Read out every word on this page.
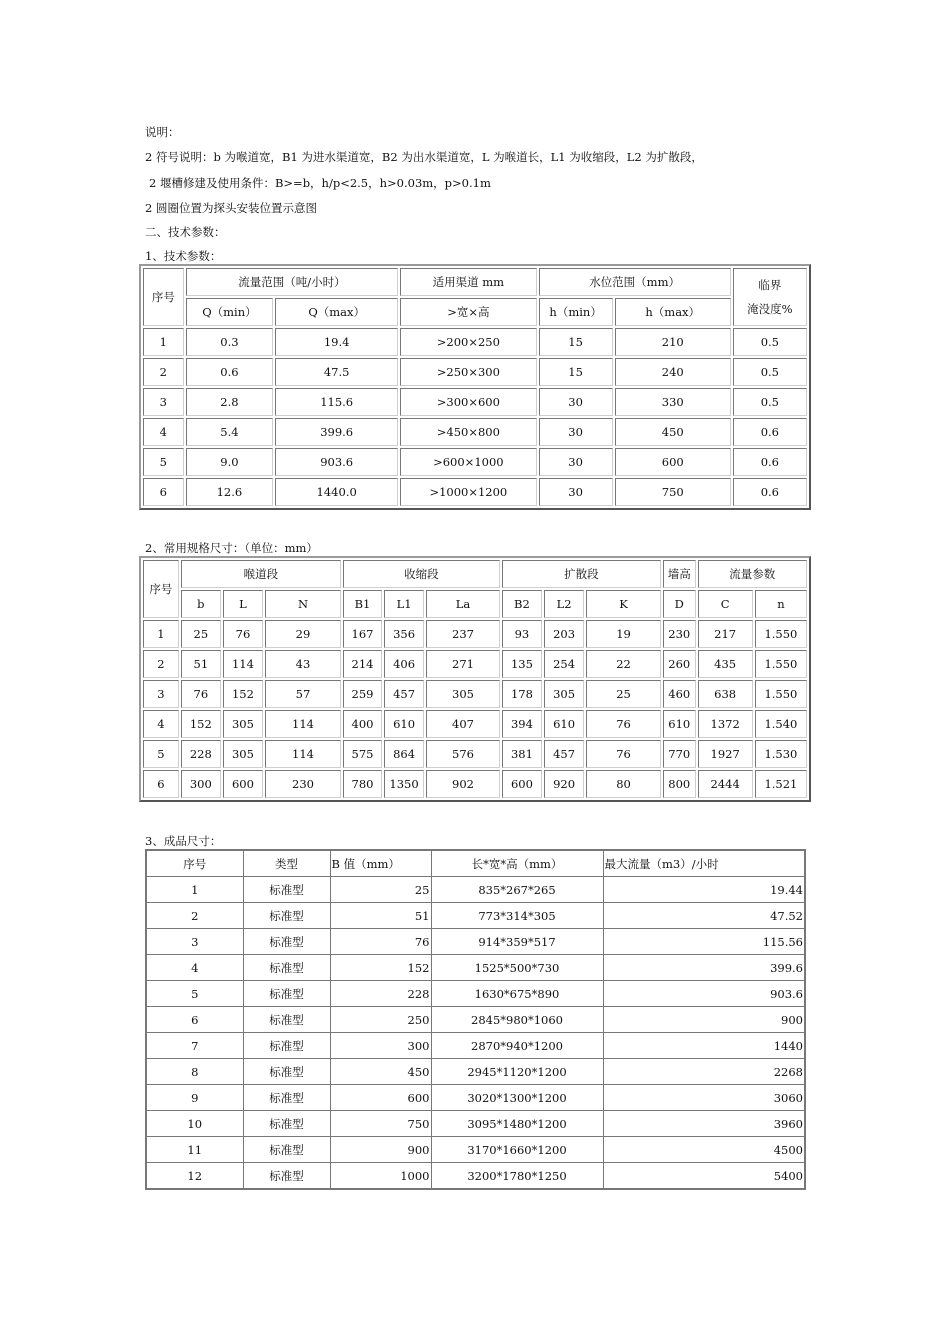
说明：
2 符号说明：b 为喉道宽，B1 为进水渠道宽，B2 为出水渠道宽，L 为喉道长，L1 为收缩段，L2 为扩散段，
2 堰槽修建及使用条件：B>=b，h/p<2.5，h>0.03m，p>0.1m
2 圆圈位置为探头安装位置示意图
二、技术参数：
1、技术参数：
序号	流量范围（吨/小时）		适用渠道 mm	水位范围（mm）		临界
淹没度%

	Q（min）	Q（max）	>宽×高	h（min）	h（max）	
1	0.3	19.4	>200×250	15	210	0.5
2	0.6	47.5	>250×300	15	240	0.5
3	2.8	115.6	>300×600	30	330	0.5
4	5.4	399.6	>450×800	30	450	0.6
5	9.0	903.6	>600×1000	30	600	0.6
6	12.6	1440.0	>1000×1200	30	750	0.6
2、常用规格尺寸：（单位：mm）
序号	喉道段			收缩段			扩散段			墙高	流量参数	
	b	L	N	B1	L1	La	B2	L2	K	D	C	n
1	25	76	29	167	356	237	93	203	19	230	217	1.550
2	51	114	43	214	406	271	135	254	22	260	435	1.550
3	76	152	57	259	457	305	178	305	25	460	638	1.550
4	152	305	114	400	610	407	394	610	76	610	1372	1.540
5	228	305	114	575	864	576	381	457	76	770	1927	1.530
6	300	600	230	780	1350	902	600	920	80	800	2444	1.521
3、成品尺寸：
序号	类型	B 值（mm）	长*宽*高（mm）	最大流量（m3）/小时
1	标准型	25	835*267*265	19.44
2	标准型	51	773*314*305	47.52
3	标准型	76	914*359*517	115.56
4	标准型	152	1525*500*730	399.6
5	标准型	228	1630*675*890	903.6
6	标准型	250	2845*980*1060	900
7	标准型	300	2870*940*1200	1440
8	标准型	450	2945*1120*1200	2268
9	标准型	600	3020*1300*1200	3060
10	标准型	750	3095*1480*1200	3960
11	标准型	900	3170*1660*1200	4500
12	标准型	1000	3200*1780*1250	5400
